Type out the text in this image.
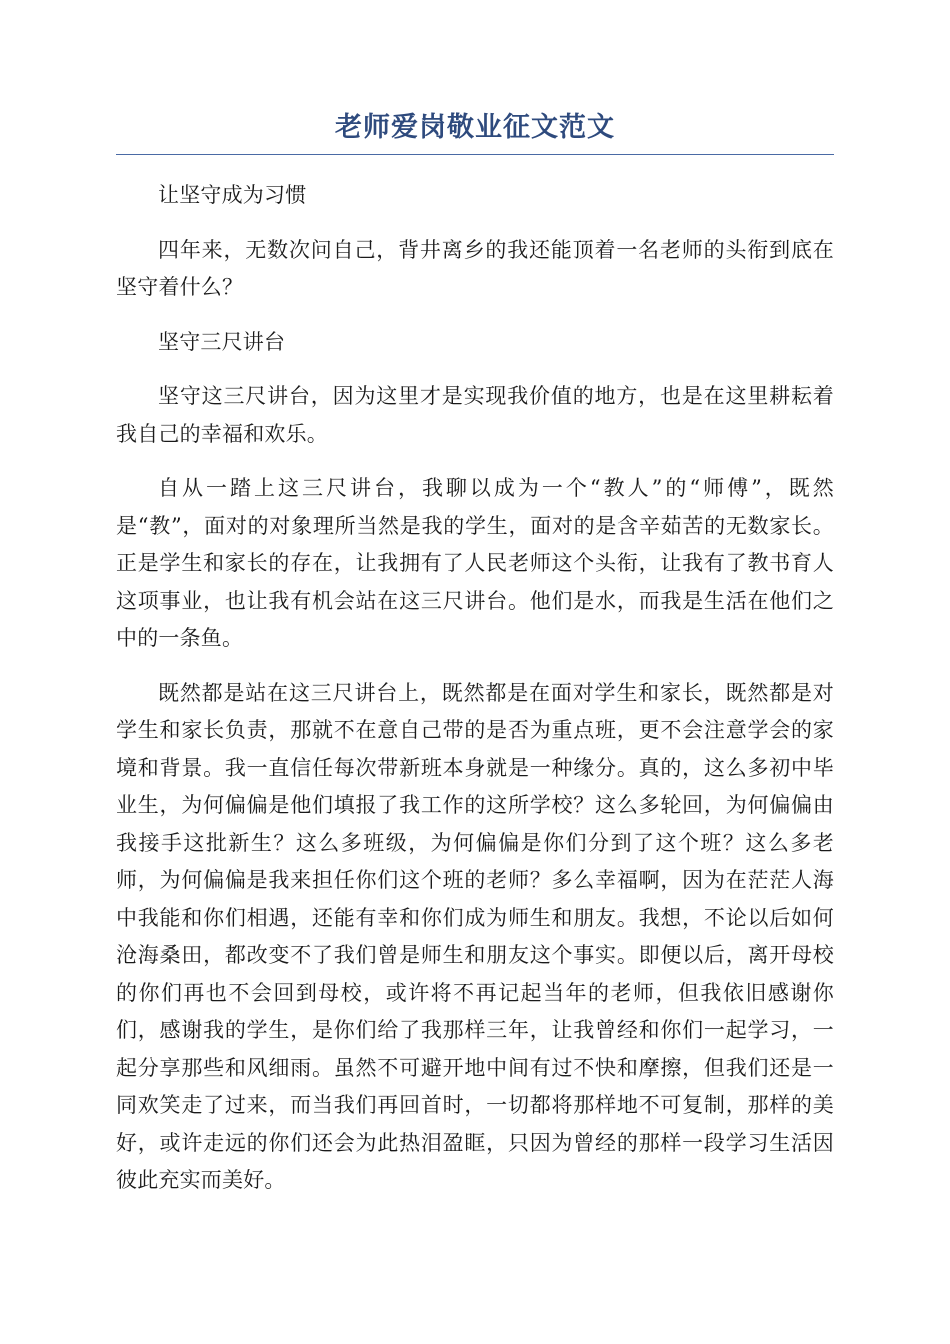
老师爱岗敬业征文范文

让坚守成为习惯

四年来，无数次问自己，背井离乡的我还能顶着一名老师的头衔到底在坚守着什么？

坚守三尺讲台

坚守这三尺讲台，因为这里才是实现我价值的地方，也是在这里耕耘着我自己的幸福和欢乐。

自从一踏上这三尺讲台，我聊以成为一个“教人”的“师傅”，既然是“教”，面对的对象理所当然是我的学生，面对的是含辛茹苦的无数家长。正是学生和家长的存在，让我拥有了人民老师这个头衔，让我有了教书育人这项事业，也让我有机会站在这三尺讲台。他们是水，而我是生活在他们之中的一条鱼。

既然都是站在这三尺讲台上，既然都是在面对学生和家长，既然都是对学生和家长负责，那就不在意自己带的是否为重点班，更不会注意学会的家境和背景。我一直信任每次带新班本身就是一种缘分。真的，这么多初中毕业生，为何偏偏是他们填报了我工作的这所学校？这么多轮回，为何偏偏由我接手这批新生？这么多班级，为何偏偏是你们分到了这个班？这么多老师，为何偏偏是我来担任你们这个班的老师？多么幸福啊，因为在茫茫人海中我能和你们相遇，还能有幸和你们成为师生和朋友。我想，不论以后如何沧海桑田，都改变不了我们曾是师生和朋友这个事实。即便以后，离开母校的你们再也不会回到母校，或许将不再记起当年的老师，但我依旧感谢你们，感谢我的学生，是你们给了我那样三年，让我曾经和你们一起学习，一起分享那些和风细雨。虽然不可避开地中间有过不快和摩擦，但我们还是一同欢笑走了过来，而当我们再回首时，一切都将那样地不可复制，那样的美好，或许走远的你们还会为此热泪盈眶，只因为曾经的那样一段学习生活因彼此充实而美好。
